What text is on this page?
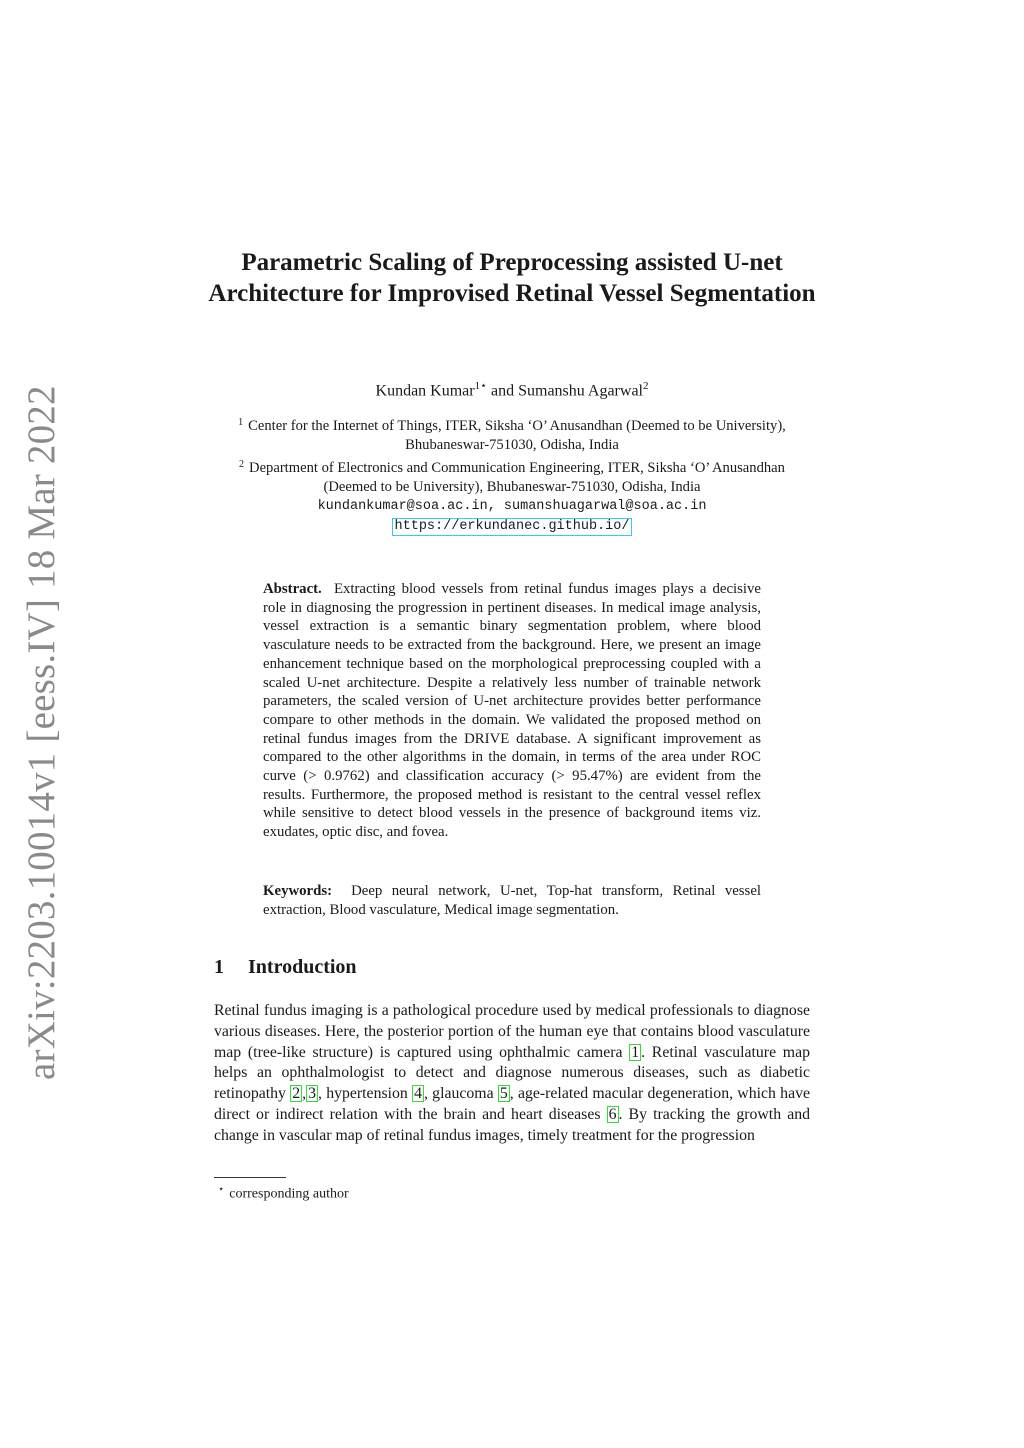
arXiv:2203.10014v1 [eess.IV] 18 Mar 2022
Parametric Scaling of Preprocessing assisted U-net Architecture for Improvised Retinal Vessel Segmentation
Kundan Kumar$^{1⋆}$ and Sumanshu Agarwal$^2$
$^1$ Center for the Internet of Things, ITER, Siksha ‘O’ Anusandhan (Deemed to be University), Bhubaneswar-751030, Odisha, India
$^2$ Department of Electronics and Communication Engineering, ITER, Siksha ‘O’ Anusandhan (Deemed to be University), Bhubaneswar-751030, Odisha, India
kundankumar@soa.ac.in, sumanshuagarwal@soa.ac.in
https://erkundanec.github.io/

Abstract. Extracting blood vessels from retinal fundus images plays a decisive role in diagnosing the progression in pertinent diseases. In medical image analysis, vessel extraction is a semantic binary segmentation problem, where blood vasculature needs to be extracted from the background. Here, we present an image enhancement technique based on the morphological preprocessing coupled with a scaled U-net architecture. Despite a relatively less number of trainable network parameters, the scaled version of U-net architecture provides better performance compare to other methods in the domain. We validated the proposed method on retinal fundus images from the DRIVE database. A significant improvement as compared to the other algorithms in the domain, in terms of the area under ROC curve (> 0.9762) and classification accuracy (> 95.47%) are evident from the results. Furthermore, the proposed method is resistant to the central vessel reflex while sensitive to detect blood vessels in the presence of background items viz. exudates, optic disc, and fovea.

Keywords: Deep neural network, U-net, Top-hat transform, Retinal vessel extraction, Blood vasculature, Medical image segmentation.

1 Introduction

Retinal fundus imaging is a pathological procedure used by medical professionals to diagnose various diseases. Here, the posterior portion of the human eye that contains blood vasculature map (tree-like structure) is captured using ophthalmic camera 1 . Retinal vasculature map helps an ophthalmologist to detect and diagnose numerous diseases, such as diabetic retinopathy 2 , 3 , hypertension 4 , glaucoma 5 , age-related macular degeneration, which have direct or indirect relation with the brain and heart diseases 6 . By tracking the growth and change in vascular map of retinal fundus images, timely treatment for the progression

⋆ corresponding author
